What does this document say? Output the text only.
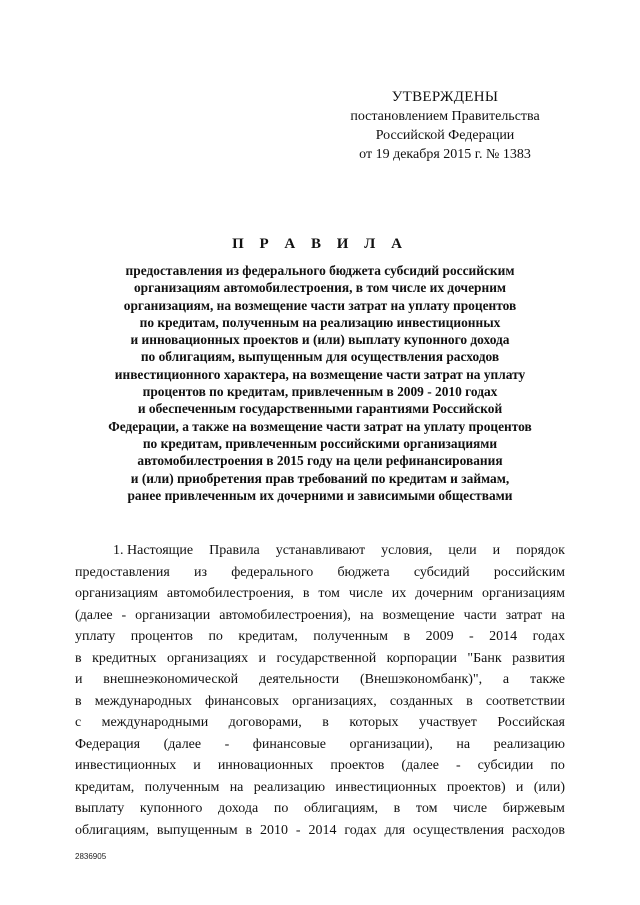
УТВЕРЖДЕНЫ
постановлением Правительства
Российской Федерации
от 19 декабря 2015 г. № 1383
П Р А В И Л А
предоставления из федерального бюджета субсидий российским
организациям автомобилестроения, в том числе их дочерним
организациям, на возмещение части затрат на уплату процентов
по кредитам, полученным на реализацию инвестиционных
и инновационных проектов и (или) выплату купонного дохода
по облигациям, выпущенным для осуществления расходов
инвестиционного характера, на возмещение части затрат на уплату
процентов по кредитам, привлеченным в 2009 - 2010 годах
и обеспеченным государственными гарантиями Российской
Федерации, а также на возмещение части затрат на уплату процентов
по кредитам, привлеченным российскими организациями
автомобилестроения в 2015 году на цели рефинансирования
и (или) приобретения прав требований по кредитам и займам,
ранее привлеченным их дочерними и зависимыми обществами
1. Настоящие Правила устанавливают условия, цели и порядок
предоставления из федерального бюджета субсидий российским
организациям автомобилестроения, в том числе их дочерним организациям
(далее - организации автомобилестроения), на возмещение части затрат на
уплату процентов по кредитам, полученным в 2009 - 2014 годах
в кредитных организациях и государственной корпорации "Банк развития
и внешнеэкономической деятельности (Внешэкономбанк)", а также
в международных финансовых организациях, созданных в соответствии
с международными договорами, в которых участвует Российская
Федерация (далее - финансовые организации), на реализацию
инвестиционных и инновационных проектов (далее - субсидии по
кредитам, полученным на реализацию инвестиционных проектов) и (или)
выплату купонного дохода по облигациям, в том числе биржевым
облигациям, выпущенным в 2010 - 2014 годах для осуществления расходов
2836905
